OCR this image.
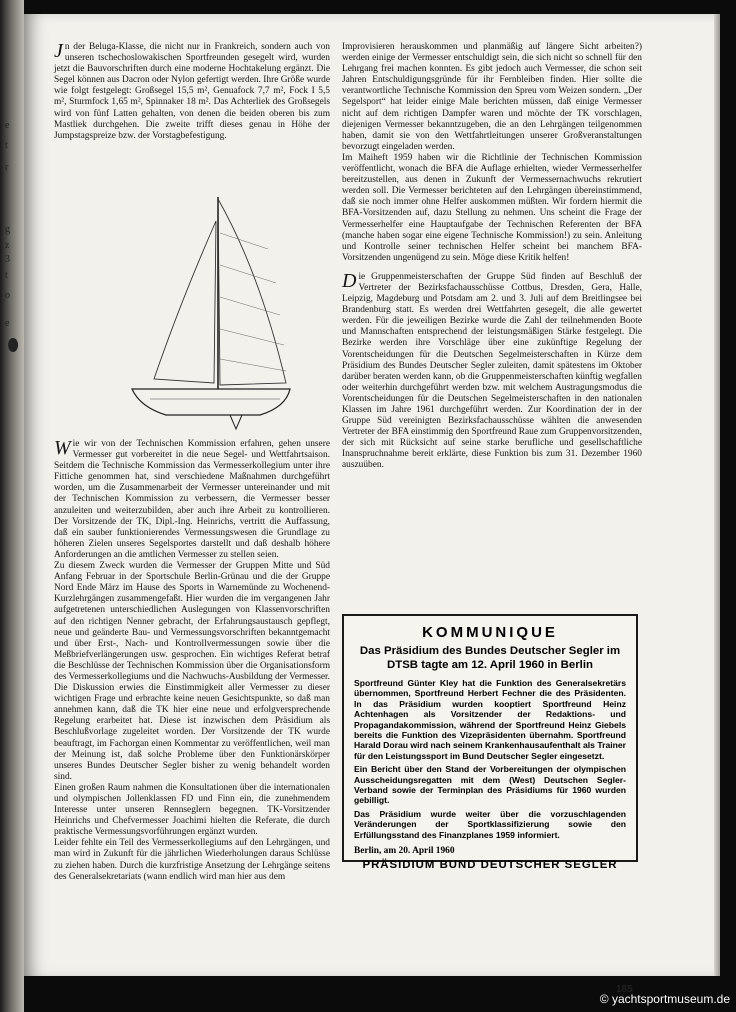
e
t
r
g
z
3
t
o
e

Jn der Beluga-Klasse, die nicht nur in Frankreich, sondern auch von unseren tschechoslowakischen Sportfreunden gesegelt wird, wurden jetzt die Bauvorschriften durch eine moderne Hochtakelung ergänzt. Die Segel können aus Dacron oder Nylon gefertigt werden. Ihre Größe wurde wie folgt festgelegt: Großsegel 15,5 m², Genuafock 7,7 m², Fock I 5,5 m², Sturmfock 1,65 m², Spinnaker 18 m². Das Achterliek des Großsegels wird von fünf Latten gehalten, von denen die beiden oberen bis zum Mastliek durchgehen. Die zweite trifft dieses genau in Höhe der Jumpstagspreize bzw. der Vorstagbefestigung.

Wie wir von der Technischen Kommission erfahren, gehen unsere Vermesser gut vorbereitet in die neue Segel- und Wettfahrtsaison. Seitdem die Technische Kommission das Vermesserkollegium unter ihre Fittiche genommen hat, sind verschiedene Maßnahmen durchgeführt worden, um die Zusammenarbeit der Vermesser untereinander und mit der Technischen Kommission zu verbessern, die Vermesser besser anzuleiten und weiterzubilden, aber auch ihre Arbeit zu kontrollieren. Der Vorsitzende der TK, Dipl.-Ing. Heinrichs, vertritt die Auffassung, daß ein sauber funktionierendes Vermessungswesen die Grundlage zu höheren Zielen unseres Segelsportes darstellt und daß deshalb höhere Anforderungen an die amtlichen Vermesser zu stellen seien.

Zu diesem Zweck wurden die Vermesser der Gruppen Mitte und Süd Anfang Februar in der Sportschule Berlin-Grünau und die der Gruppe Nord Ende März im Hause des Sports in Warnemünde zu Wochenend-Kurzlehrgängen zusammengefaßt. Hier wurden die im vergangenen Jahr aufgetretenen unterschiedlichen Auslegungen von Klassenvorschriften auf den richtigen Nenner gebracht, der Erfahrungsaustausch gepflegt, neue und geänderte Bau- und Vermessungsvorschriften bekanntgemacht und über Erst-, Nach- und Kontrollvermessungen sowie über die Meßbriefverlängerungen usw. gesprochen. Ein wichtiges Referat betraf die Beschlüsse der Technischen Kommission über die Organisationsform des Vermesserkollegiums und die Nachwuchs-Ausbildung der Vermesser. Die Diskussion erwies die Einstimmigkeit aller Vermesser zu dieser wichtigen Frage und erbrachte keine neuen Gesichtspunkte, so daß man annehmen kann, daß die TK hier eine neue und erfolgversprechende Regelung erarbeitet hat. Diese ist inzwischen dem Präsidium als Beschlußvorlage zugeleitet worden. Der Vorsitzende der TK wurde beauftragt, im Fachorgan einen Kommentar zu veröffentlichen, weil man der Meinung ist, daß solche Probleme über den Funktionärskörper unseres Bundes Deutscher Segler bisher zu wenig behandelt worden sind.

Einen großen Raum nahmen die Konsultationen über die internationalen und olympischen Jollenklassen FD und Finn ein, die zunehmendem Interesse unter unseren Rennseglern begegnen. TK-Vorsitzender Heinrichs und Chefvermesser Joachimi hielten die Referate, die durch praktische Vermessungsvorführungen ergänzt wurden.

Leider fehlte ein Teil des Vermesserkollegiums auf den Lehrgängen, und man wird in Zukunft für die jährlichen Wiederholungen daraus Schlüsse zu ziehen haben. Durch die kurzfristige Ansetzung der Lehrgänge seitens des Generalsekretariats (wann endlich wird man hier aus dem

Improvisieren herauskommen und planmäßig auf längere Sicht arbeiten?) werden einige der Vermesser entschuldigt sein, die sich nicht so schnell für den Lehrgang frei machen konnten. Es gibt jedoch auch Vermesser, die schon seit Jahren Entschuldigungsgründe für ihr Fernbleiben finden. Hier sollte die verantwortliche Technische Kommission den Spreu vom Weizen sondern. „Der Segelsport“ hat leider einige Male berichten müssen, daß einige Vermesser nicht auf dem richtigen Dampfer waren und möchte der TK vorschlagen, diejenigen Vermesser bekanntzugeben, die an den Lehrgängen teilgenommen haben, damit sie von den Wettfahrtleitungen unserer Großveranstaltungen bevorzugt eingeladen werden.

Im Maiheft 1959 haben wir die Richtlinie der Technischen Kommission veröffentlicht, wonach die BFA die Auflage erhielten, wieder Vermesserhelfer bereitzustellen, aus denen in Zukunft der Vermessernachwuchs rekrutiert werden soll. Die Vermesser berichteten auf den Lehrgängen übereinstimmend, daß sie noch immer ohne Helfer auskommen müßten. Wir fordern hiermit die BFA-Vorsitzenden auf, dazu Stellung zu nehmen. Uns scheint die Frage der Vermesserhelfer eine Hauptaufgabe der Technischen Referenten der BFA (manche haben sogar eine eigene Technische Kommission!) zu sein. Anleitung und Kontrolle seiner technischen Helfer scheint bei manchem BFA-Vorsitzenden ungenügend zu sein. Möge diese Kritik helfen!

Die Gruppenmeisterschaften der Gruppe Süd finden auf Beschluß der Vertreter der Bezirksfachausschüsse Cottbus, Dresden, Gera, Halle, Leipzig, Magdeburg und Potsdam am 2. und 3. Juli auf dem Breitlingsee bei Brandenburg statt. Es werden drei Wettfahrten gesegelt, die alle gewertet werden. Für die jeweiligen Bezirke wurde die Zahl der teilnehmenden Boote und Mannschaften entsprechend der leistungsmäßigen Stärke festgelegt. Die Bezirke werden ihre Vorschläge über eine zukünftige Regelung der Vorentscheidungen für die Deutschen Segelmeisterschaften in Kürze dem Präsidium des Bundes Deutscher Segler zuleiten, damit spätestens im Oktober darüber beraten werden kann, ob die Gruppenmeisterschaften künftig wegfallen oder weiterhin durchgeführt werden bzw. mit welchem Austragungsmodus die Vorentscheidungen für die Deutschen Segelmeisterschaften in den nationalen Klassen im Jahre 1961 durchgeführt werden. Zur Koordination der in der Gruppe Süd vereinigten Bezirksfachausschüsse wählten die anwesenden Vertreter der BFA einstimmig den Sportfreund Raue zum Gruppenvorsitzenden, der sich mit Rücksicht auf seine starke berufliche und gesellschaftliche Inanspruchnahme bereit erklärte, diese Funktion bis zum 31. Dezember 1960 auszuüben.

KOMMUNIQUE
Das Präsidium des Bundes Deutscher Segler im DTSB tagte am 12. April 1960 in Berlin

Sportfreund Günter Kley hat die Funktion des Generalsekretärs übernommen, Sportfreund Herbert Fechner die des Präsidenten. In das Präsidium wurden kooptiert Sportfreund Heinz Achtenhagen als Vorsitzender der Redaktions- und Propagandakommission, während der Sportfreund Heinz Giebels bereits die Funktion des Vizepräsidenten übernahm. Sportfreund Harald Dorau wird nach seinem Krankenhausaufenthalt als Trainer für den Leistungssport im Bund Deutscher Segler eingesetzt.

Ein Bericht über den Stand der Vorbereitungen der olympischen Ausscheidungsregatten mit dem (West) Deutschen Segler-Verband sowie der Terminplan des Präsidiums für 1960 wurden gebilligt.

Das Präsidium wurde weiter über die vorzuschlagenden Veränderungen der Sportklassifizierung sowie den Erfüllungsstand des Finanzplanes 1959 informiert.

Berlin, am 20. April 1960
PRÄSIDIUM BUND DEUTSCHER SEGLER
185
© yachtsportmuseum.de
